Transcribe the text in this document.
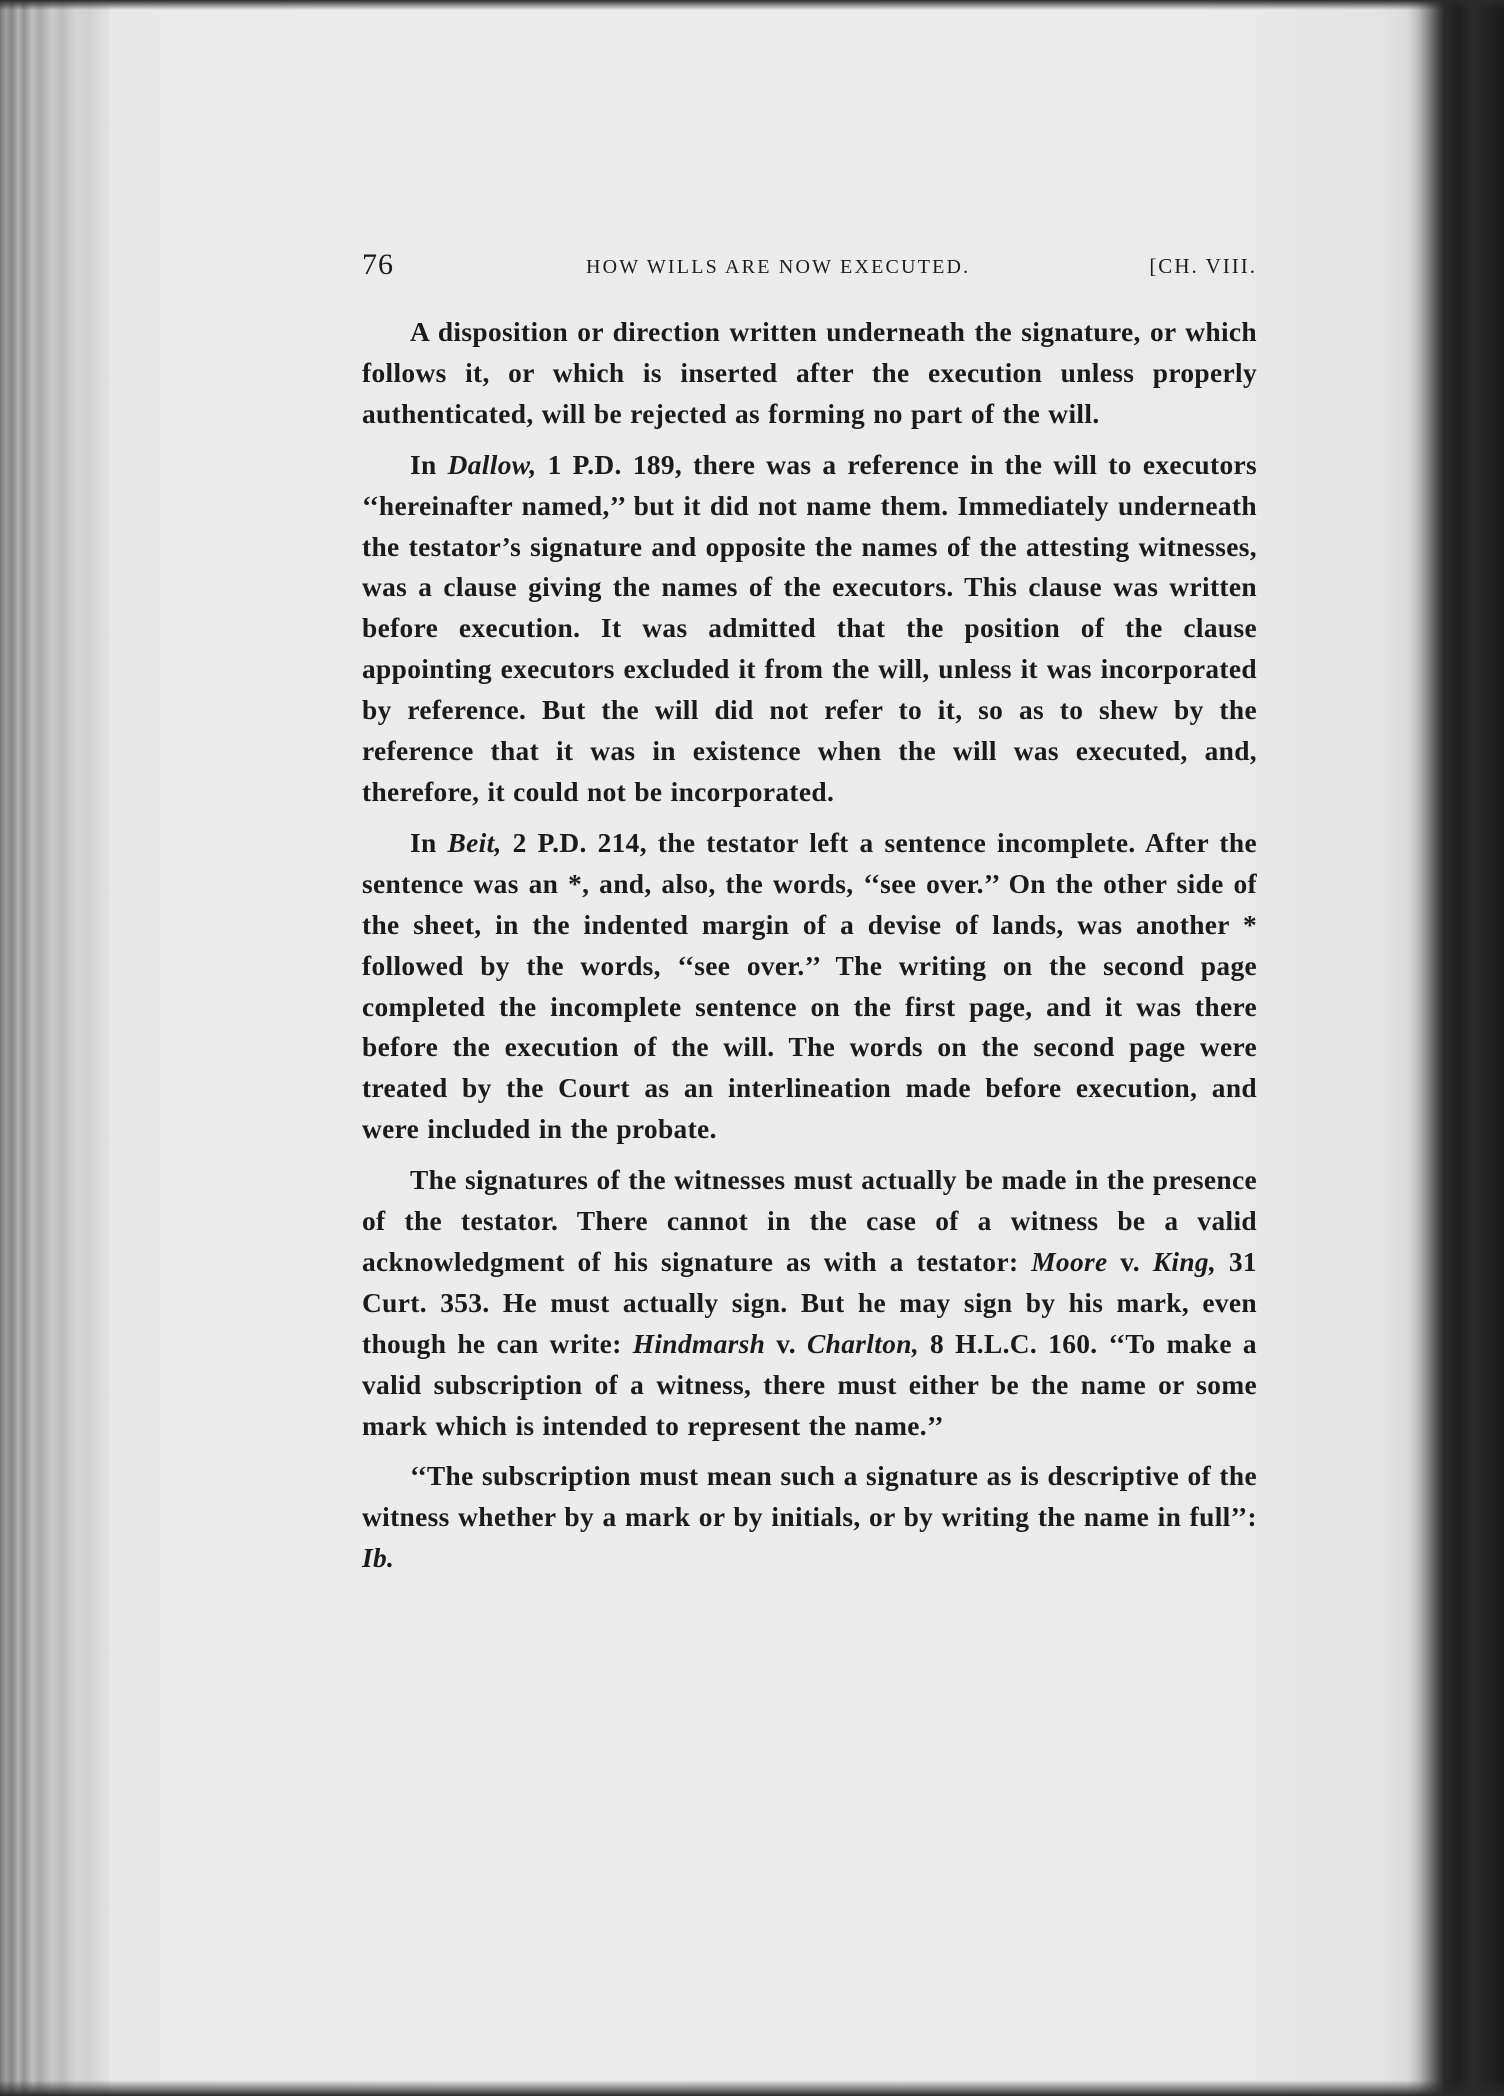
76	HOW WILLS ARE NOW EXECUTED.	[CH. VIII.

A disposition or direction written underneath the signature, or which follows it, or which is inserted after the execution unless properly authenticated, will be rejected as forming no part of the will.

In Dallow, 1 P.D. 189, there was a reference in the will to executors ‘‘hereinafter named,’’ but it did not name them. Immediately underneath the testator’s signature and opposite the names of the attesting witnesses, was a clause giving the names of the executors. This clause was written before execution. It was admitted that the position of the clause appointing executors excluded it from the will, unless it was incorporated by reference. But the will did not refer to it, so as to shew by the reference that it was in existence when the will was executed, and, therefore, it could not be incorporated.

In Beit, 2 P.D. 214, the testator left a sentence incomplete. After the sentence was an *, and, also, the words, ‘‘see over.’’ On the other side of the sheet, in the indented margin of a devise of lands, was another * followed by the words, ‘‘see over.’’ The writing on the second page completed the incomplete sentence on the first page, and it was there before the execution of the will. The words on the second page were treated by the Court as an interlineation made before execution, and were included in the probate.

The signatures of the witnesses must actually be made in the presence of the testator. There cannot in the case of a witness be a valid acknowledgment of his signature as with a testator: Moore v. King, 31 Curt. 353. He must actually sign. But he may sign by his mark, even though he can write: Hindmarsh v. Charlton, 8 H.L.C. 160. ‘‘To make a valid subscription of a witness, there must either be the name or some mark which is intended to represent the name.’’

‘‘The subscription must mean such a signature as is descriptive of the witness whether by a mark or by initials, or by writing the name in full’’: Ib.
